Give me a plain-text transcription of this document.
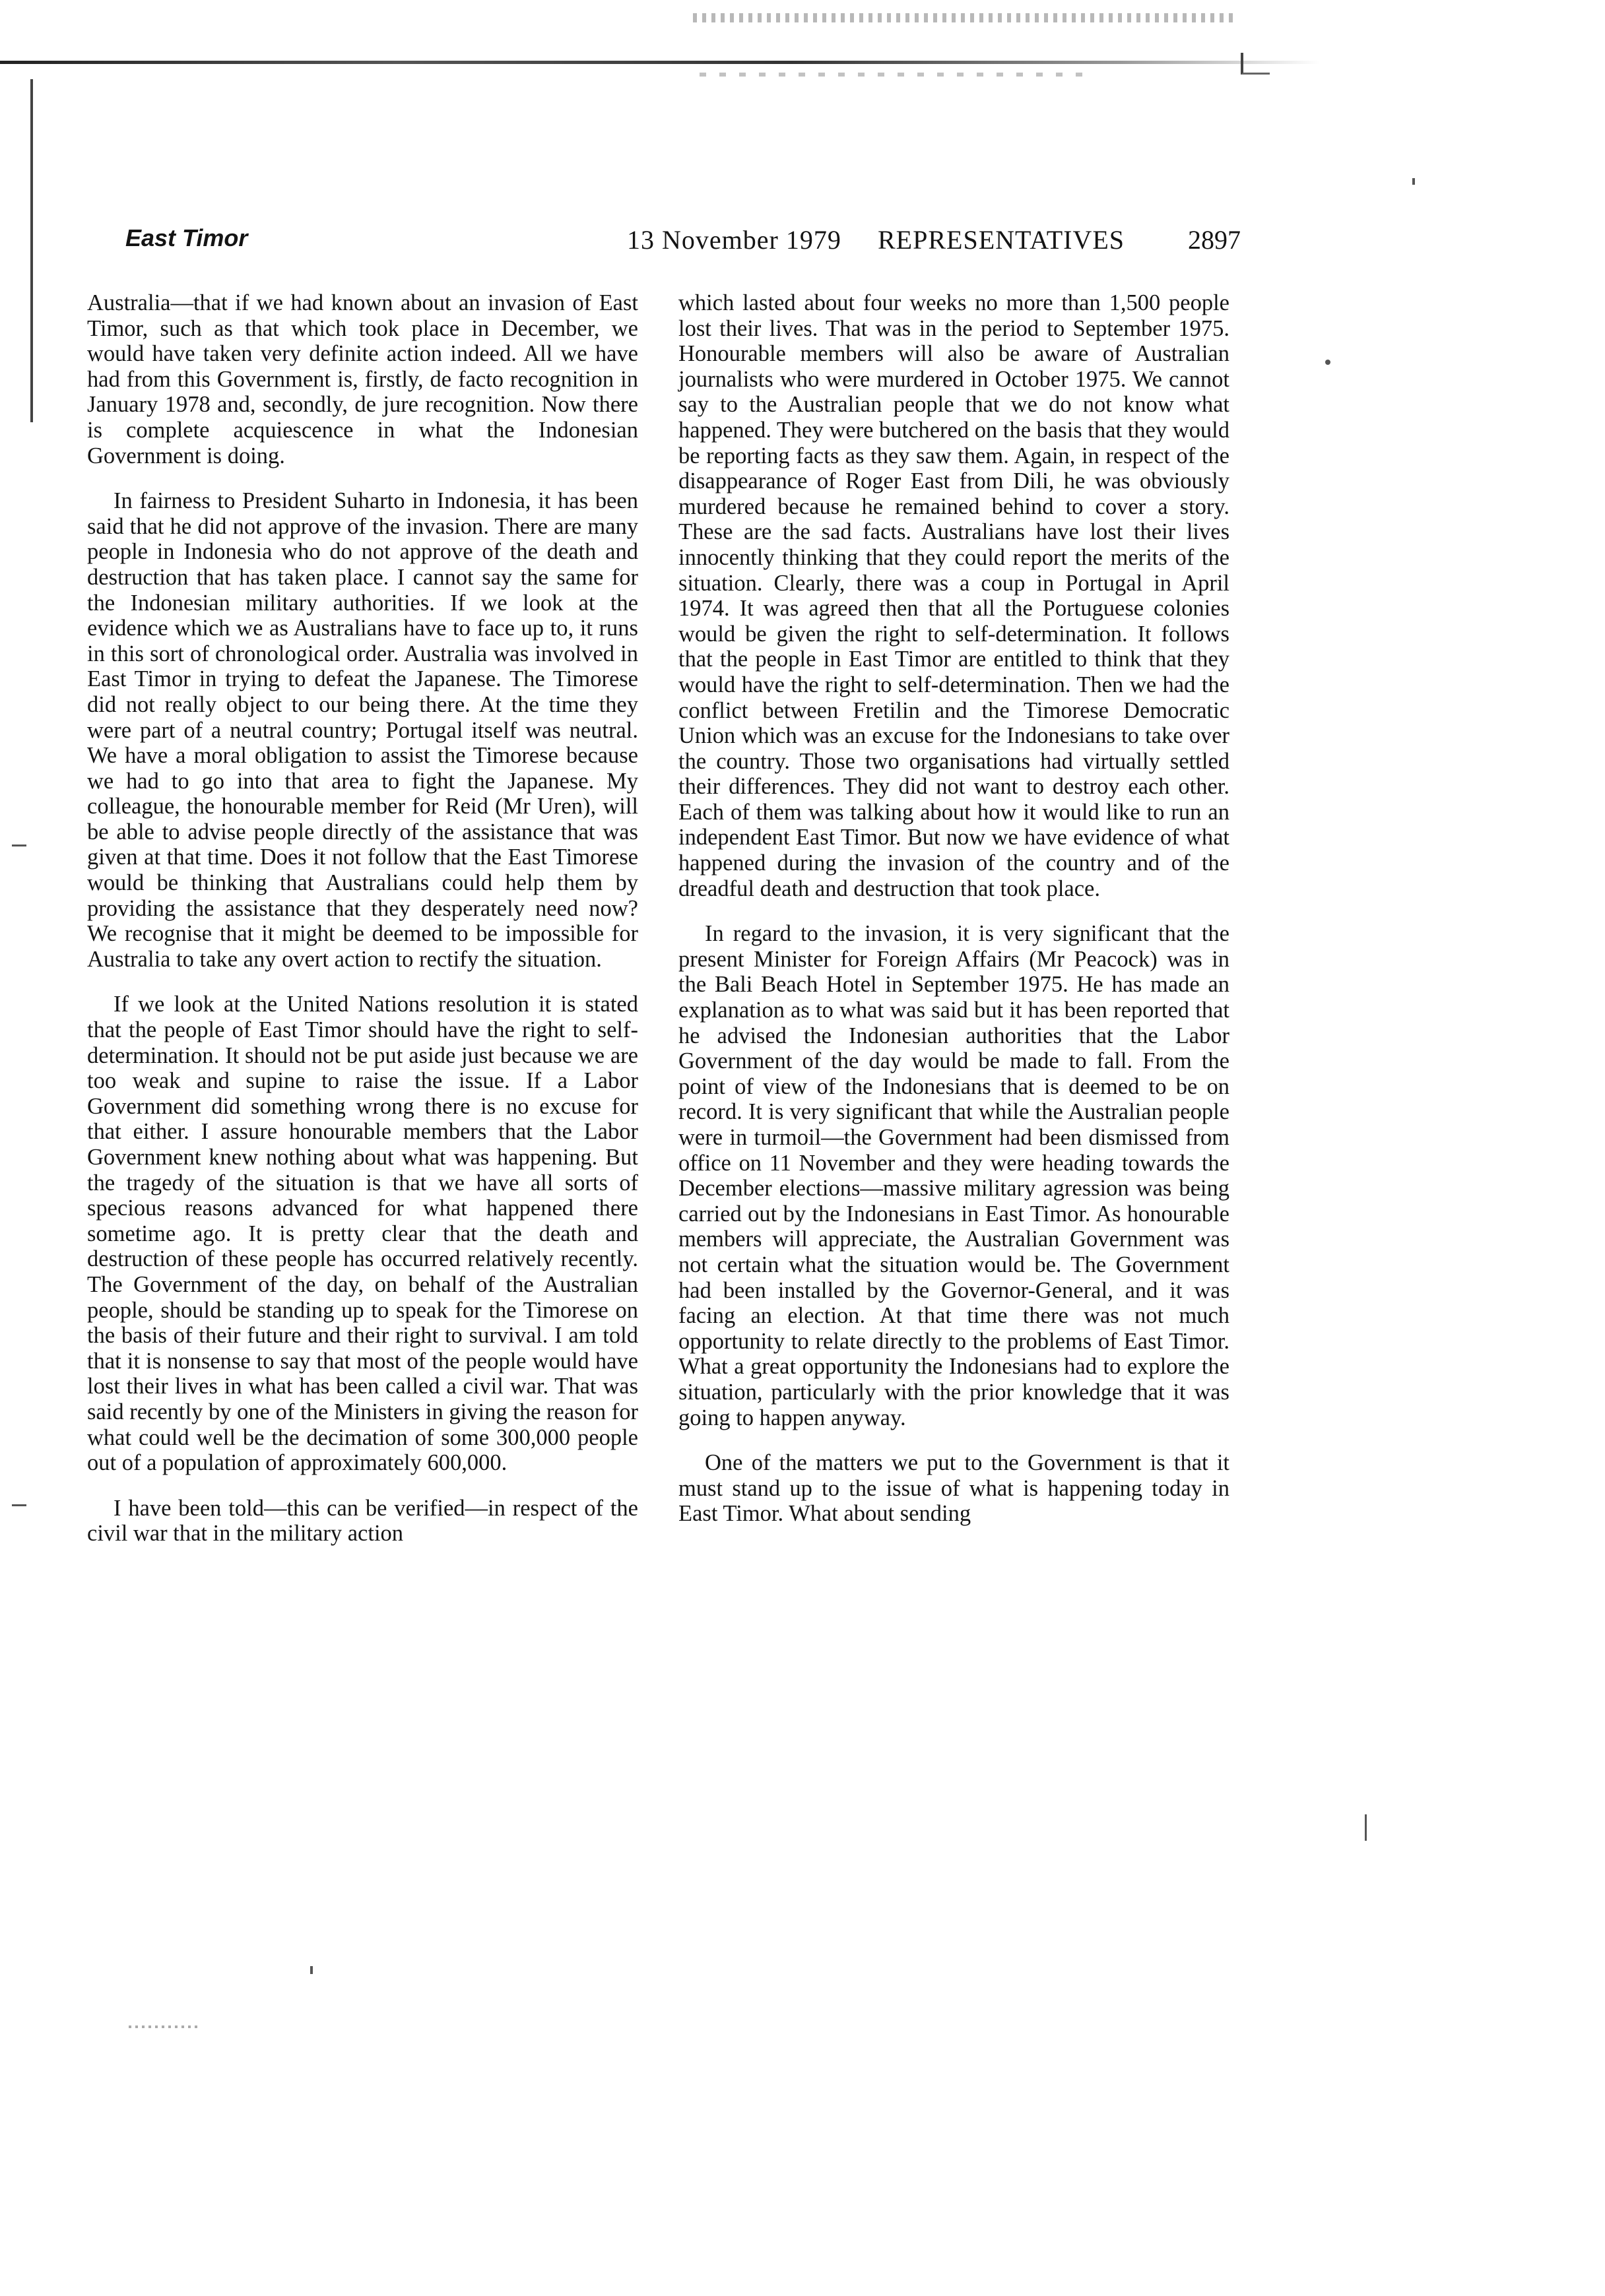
East Timor	13 November 1979 REPRESENTATIVES 2897

Australia—that if we had known about an invasion of East Timor, such as that which took place in December, we would have taken very definite action indeed. All we have had from this Government is, firstly, de facto recognition in January 1978 and, secondly, de jure recognition. Now there is complete acquiescence in what the Indonesian Government is doing.

In fairness to President Suharto in Indonesia, it has been said that he did not approve of the invasion. There are many people in Indonesia who do not approve of the death and destruction that has taken place. I cannot say the same for the Indonesian military authorities. If we look at the evidence which we as Australians have to face up to, it runs in this sort of chronological order. Australia was involved in East Timor in trying to defeat the Japanese. The Timorese did not really object to our being there. At the time they were part of a neutral country; Portugal itself was neutral. We have a moral obligation to assist the Timorese because we had to go into that area to fight the Japanese. My colleague, the honourable member for Reid (Mr Uren), will be able to advise people directly of the assistance that was given at that time. Does it not follow that the East Timorese would be thinking that Australians could help them by providing the assistance that they desperately need now? We recognise that it might be deemed to be impossible for Australia to take any overt action to rectify the situation.

If we look at the United Nations resolution it is stated that the people of East Timor should have the right to self-determination. It should not be put aside just because we are too weak and supine to raise the issue. If a Labor Government did something wrong there is no excuse for that either. I assure honourable members that the Labor Government knew nothing about what was happening. But the tragedy of the situation is that we have all sorts of specious reasons advanced for what happened there sometime ago. It is pretty clear that the death and destruction of these people has occurred relatively recently. The Government of the day, on behalf of the Australian people, should be standing up to speak for the Timorese on the basis of their future and their right to survival. I am told that it is nonsense to say that most of the people would have lost their lives in what has been called a civil war. That was said recently by one of the Ministers in giving the reason for what could well be the decimation of some 300,000 people out of a population of approximately 600,000.

I have been told—this can be verified—in respect of the civil war that in the military action

which lasted about four weeks no more than 1,500 people lost their lives. That was in the period to September 1975. Honourable members will also be aware of Australian journalists who were murdered in October 1975. We cannot say to the Australian people that we do not know what happened. They were butchered on the basis that they would be reporting facts as they saw them. Again, in respect of the disappearance of Roger East from Dili, he was obviously murdered because he remained behind to cover a story. These are the sad facts. Australians have lost their lives innocently thinking that they could report the merits of the situation. Clearly, there was a coup in Portugal in April 1974. It was agreed then that all the Portuguese colonies would be given the right to self-determination. It follows that the people in East Timor are entitled to think that they would have the right to self-determination. Then we had the conflict between Fretilin and the Timorese Democratic Union which was an excuse for the Indonesians to take over the country. Those two organisations had virtually settled their differences. They did not want to destroy each other. Each of them was talking about how it would like to run an independent East Timor. But now we have evidence of what happened during the invasion of the country and of the dreadful death and destruction that took place.

In regard to the invasion, it is very significant that the present Minister for Foreign Affairs (Mr Peacock) was in the Bali Beach Hotel in September 1975. He has made an explanation as to what was said but it has been reported that he advised the Indonesian authorities that the Labor Government of the day would be made to fall. From the point of view of the Indonesians that is deemed to be on record. It is very significant that while the Australian people were in turmoil—the Government had been dismissed from office on 11 November and they were heading towards the December elections—massive military agression was being carried out by the Indonesians in East Timor. As honourable members will appreciate, the Australian Government was not certain what the situation would be. The Government had been installed by the Governor-General, and it was facing an election. At that time there was not much opportunity to relate directly to the problems of East Timor. What a great opportunity the Indonesians had to explore the situation, particularly with the prior knowledge that it was going to happen anyway.

One of the matters we put to the Government is that it must stand up to the issue of what is happening today in East Timor. What about sending
